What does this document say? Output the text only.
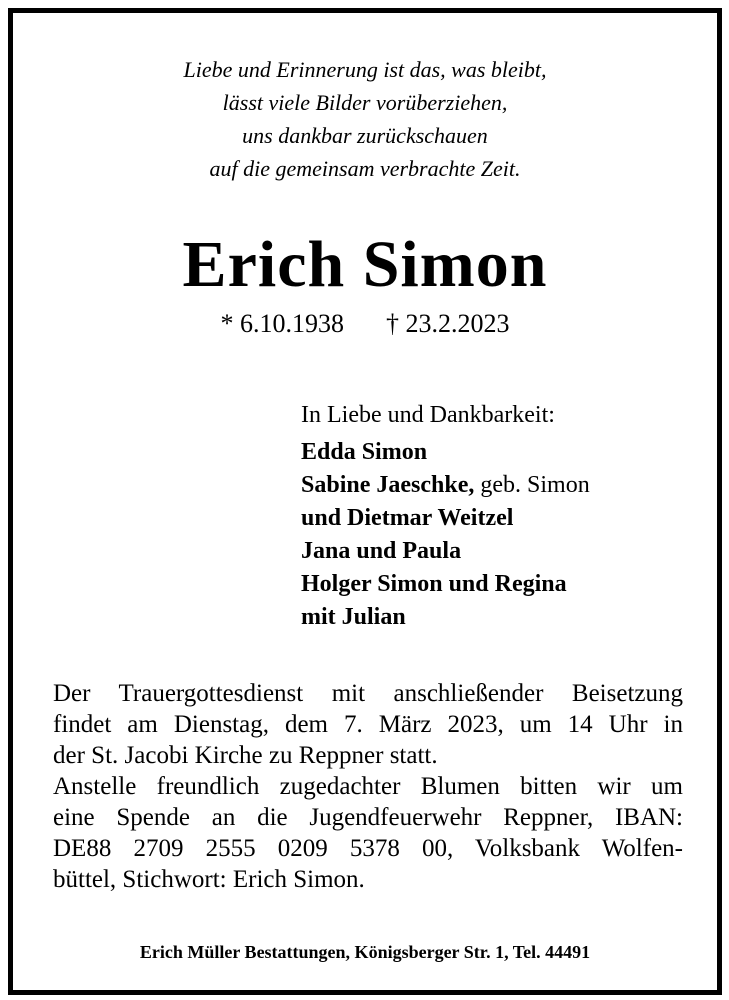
Liebe und Erinnerung ist das, was bleibt,
lässt viele Bilder vorüberziehen,
uns dankbar zurückschauen
auf die gemeinsam verbrachte Zeit.
Erich Simon
* 6.10.1938 † 23.2.2023
In Liebe und Dankbarkeit:
Edda Simon
Sabine Jaeschke, geb. Simon
und Dietmar Weitzel
Jana und Paula
Holger Simon und Regina
mit Julian
Der Trauergottesdienst mit anschließender Beisetzung
findet am Dienstag, dem 7. März 2023, um 14 Uhr in
der St. Jacobi Kirche zu Reppner statt.
Anstelle freundlich zugedachter Blumen bitten wir um
eine Spende an die Jugendfeuerwehr Reppner, IBAN:
DE88 2709 2555 0209 5378 00, Volksbank Wolfen-
büttel, Stichwort: Erich Simon.
Erich Müller Bestattungen, Königsberger Str. 1, Tel. 44491
